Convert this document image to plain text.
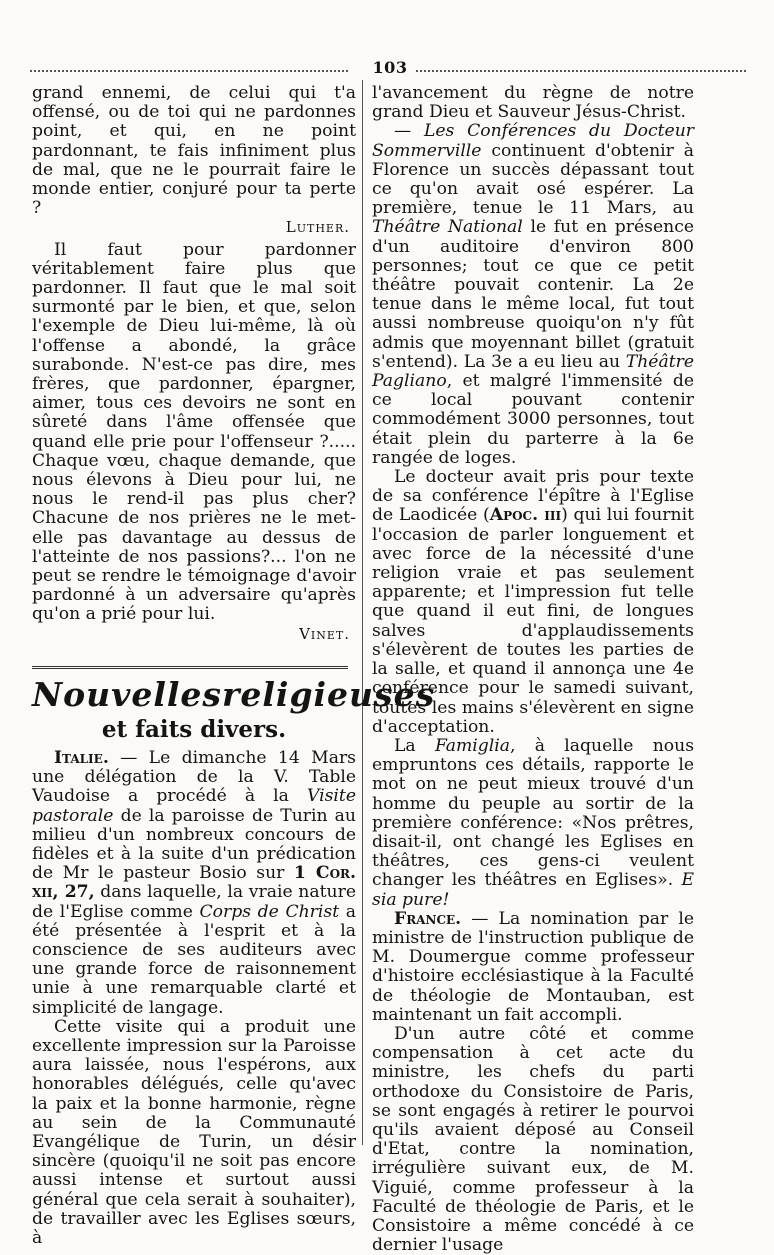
103

grand ennemi, de celui qui t'a offensé, ou de toi qui ne pardonnes point, et qui, en ne point pardonnant, te fais infiniment plus de mal, que ne le pourrait faire le monde entier, conjuré pour ta perte ?

Luther.

Il faut pour pardonner véritablement faire plus que pardonner. Il faut que le mal soit surmonté par le bien, et que, selon l'exemple de Dieu lui-même, là où l'offense a abondé, la grâce surabonde. N'est-ce pas dire, mes frères, que pardonner, épargner, aimer, tous ces devoirs ne sont en sûreté dans l'âme offensée que quand elle prie pour l'offenseur ?..... Chaque vœu, chaque demande, que nous élevons à Dieu pour lui, ne nous le rend-il pas plus cher? Chacune de nos prières ne le met-elle pas davantage au dessus de l'atteinte de nos passions?... l'on ne peut se rendre le témoignage d'avoir pardonné à un adversaire qu'après qu'on a prié pour lui.

Vinet.

Nouvelles religieuses
et faits divers.

Italie. — Le dimanche 14 Mars une délégation de la V. Table Vaudoise a procédé à la Visite pastorale de la paroisse de Turin au milieu d'un nombreux concours de fidèles et à la suite d'un prédication de Mr le pasteur Bosio sur 1 Cor. xii, 27, dans laquelle, la vraie nature de l'Eglise comme Corps de Christ a été présentée à l'esprit et à la conscience de ses auditeurs avec une grande force de raisonnement unie à une remarquable clarté et simplicité de langage.

Cette visite qui a produit une excellente impression sur la Paroisse aura laissée, nous l'espérons, aux honorables délégués, celle qu'avec la paix et la bonne harmonie, règne au sein de la Communauté Evangélique de Turin, un désir sincère (quoiqu'il ne soit pas encore aussi intense et surtout aussi général que cela serait à souhaiter), de travailler avec les Eglises sœurs, à

l'avancement du règne de notre grand Dieu et Sauveur Jésus-Christ.

— Les Conférences du Docteur Sommerville continuent d'obtenir à Florence un succès dépassant tout ce qu'on avait osé espérer. La première, tenue le 11 Mars, au Théâtre National le fut en présence d'un auditoire d'environ 800 personnes; tout ce que ce petit théâtre pouvait contenir. La 2e tenue dans le même local, fut tout aussi nombreuse quoiqu'on n'y fût admis que moyennant billet (gratuit s'entend). La 3e a eu lieu au Théâtre Pagliano, et malgré l'immensité de ce local pouvant contenir commodément 3000 personnes, tout était plein du parterre à la 6e rangée de loges.

Le docteur avait pris pour texte de sa conférence l'épître à l'Eglise de Laodicée (Apoc. iii) qui lui fournit l'occasion de parler longuement et avec force de la nécessité d'une religion vraie et pas seulement apparente; et l'impression fut telle que quand il eut fini, de longues salves d'applaudissements s'élevèrent de toutes les parties de la salle, et quand il annonça une 4e conférence pour le samedi suivant, toutes les mains s'élevèrent en signe d'acceptation.

La Famiglia, à laquelle nous empruntons ces détails, rapporte le mot on ne peut mieux trouvé d'un homme du peuple au sortir de la première conférence: «Nos prêtres, disait-il, ont changé les Eglises en théâtres, ces gens-ci veulent changer les théâtres en Eglises». E sia pure!

France. — La nomination par le ministre de l'instruction publique de M. Doumergue comme professeur d'histoire ecclésiastique à la Faculté de théologie de Montauban, est maintenant un fait accompli.

D'un autre côté et comme compensation à cet acte du ministre, les chefs du parti orthodoxe du Consistoire de Paris, se sont engagés à retirer le pourvoi qu'ils avaient déposé au Conseil d'Etat, contre la nomination, irrégulière suivant eux, de M. Viguié, comme professeur à la Faculté de théologie de Paris, et le Consistoire a même concédé à ce dernier l'usage
